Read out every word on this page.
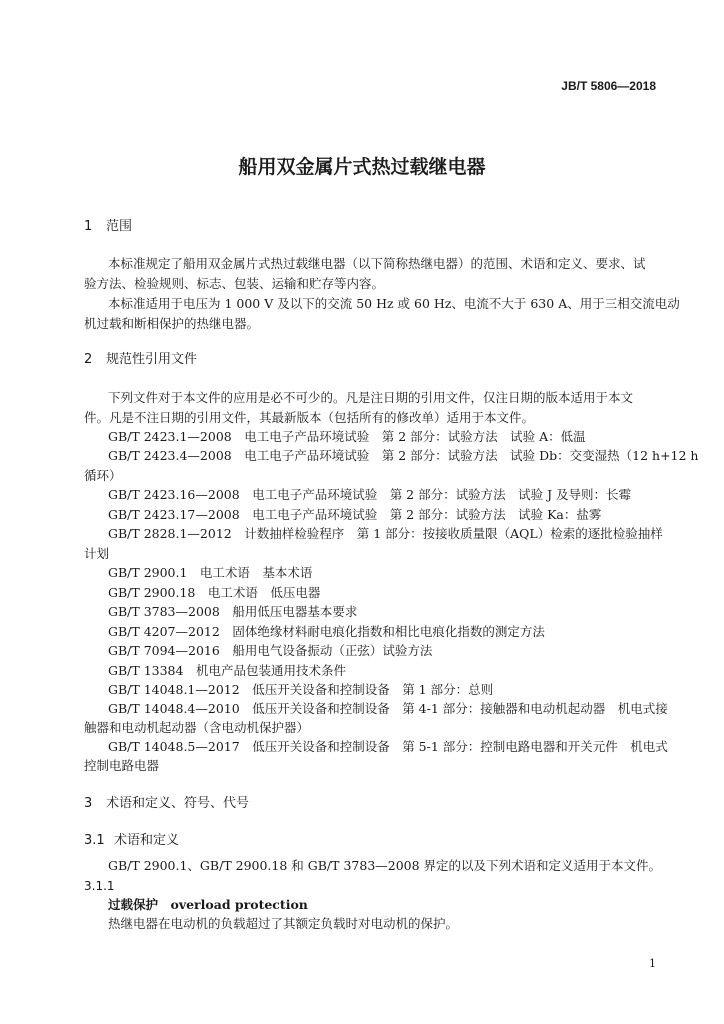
JB/T 5806—2018
船用双金属片式热过载继电器
1 范围
本标准规定了船用双金属片式热过载继电器（以下简称热继电器）的范围、术语和定义、要求、试
验方法、检验规则、标志、包装、运输和贮存等内容。
本标准适用于电压为 1 000 V 及以下的交流 50 Hz 或 60 Hz、电流不大于 630 A、用于三相交流电动
机过载和断相保护的热继电器。
2 规范性引用文件
下列文件对于本文件的应用是必不可少的。凡是注日期的引用文件，仅注日期的版本适用于本文
件。凡是不注日期的引用文件，其最新版本（包括所有的修改单）适用于本文件。
GB/T 2423.1—2008　电工电子产品环境试验　第 2 部分：试验方法　试验 A：低温
GB/T 2423.4—2008　电工电子产品环境试验　第 2 部分：试验方法　试验 Db：交变湿热（12 h+12 h
循环）
GB/T 2423.16—2008　电工电子产品环境试验　第 2 部分：试验方法　试验 J 及导则：长霉
GB/T 2423.17—2008　电工电子产品环境试验　第 2 部分：试验方法　试验 Ka：盐雾
GB/T 2828.1—2012　计数抽样检验程序　第 1 部分：按接收质量限（AQL）检索的逐批检验抽样
计划
GB/T 2900.1　电工术语　基本术语
GB/T 2900.18　电工术语　低压电器
GB/T 3783—2008　船用低压电器基本要求
GB/T 4207—2012　固体绝缘材料耐电痕化指数和相比电痕化指数的测定方法
GB/T 7094—2016　船用电气设备振动（正弦）试验方法
GB/T 13384　机电产品包装通用技术条件
GB/T 14048.1—2012　低压开关设备和控制设备　第 1 部分：总则
GB/T 14048.4—2010　低压开关设备和控制设备　第 4-1 部分：接触器和电动机起动器　机电式接
触器和电动机起动器（含电动机保护器）
GB/T 14048.5—2017　低压开关设备和控制设备　第 5-1 部分：控制电路电器和开关元件　机电式
控制电路电器
3 术语和定义、符号、代号
3.1 术语和定义
GB/T 2900.1、GB/T 2900.18 和 GB/T 3783—2008 界定的以及下列术语和定义适用于本文件。
3.1.1
过载保护　overload protection
热继电器在电动机的负载超过了其额定负载时对电动机的保护。
1
